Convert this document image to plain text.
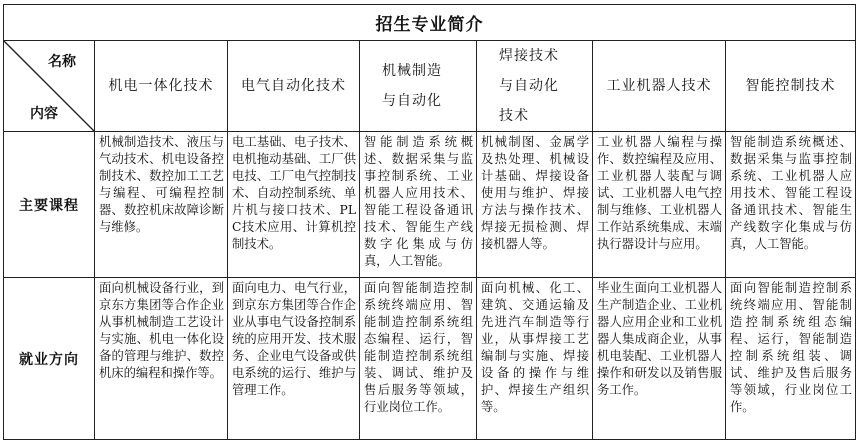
招生专业简介						

名称
内容	机电一体化技术	电气自动化技术	机械制造与自动化	焊接技术与自动化技术	工业机器人技术	智能控制技术
主要课程	机械制造技术、液压与气动技术、机电设备控制技术、数控加工工艺与编程、可编程控制器、数控机床故障诊断与维修。	电工基础、电子技术、电机拖动基础、工厂供电技、工厂电气控制技术、自动控制系统、单片机与接口技术、PLC技术应用、计算机控制技术。	智能制造系统概述、数据采集与监事控制系统、工业机器人应用技术、智能工程设备通讯技术、智能生产线数字化集成与仿真，人工智能。	机械制图、金属学及热处理、机械设计基础、焊接设备使用与维护、焊接方法与操作技术、焊接无损检测、焊接机器人等。	工业机器人编程与操作、数控编程及应用、工业机器人装配与调试、工业机器人电气控制与维修、工业机器人工作站系统集成、末端执行器设计与应用。	智能制造系统概述、数据采集与监事控制系统、工业机器人应用技术、智能工程设备通讯技术、智能生产线数字化集成与仿真，人工智能。
就业方向	面向机械设备行业，到京东方集团等合作企业从事机械制造工艺设计与实施、机电一体化设备的管理与维护、数控机床的编程和操作等。	面向电力、电气行业，到京东方集团等合作企业从事电气设备控制系统的应用开发、技术服务、企业电气设备或供电系统的运行、维护与管理工作。	面向智能制造控制系统终端应用、智能制造控制系统组态编程、运行，智能制造控制系统组装、调试、维护及售后服务等领域，行业岗位工作。	面向机械、化工、建筑、交通运输及先进汽车制造等行业，从事焊接工艺编制与实施、焊接设备的操作与维护、焊接生产组织等。	毕业生面向工业机器人生产制造企业、工业机器人应用企业和工业机器人集成商企业，从事机电装配、工业机器人操作和研发以及销售服务工作。	面向智能制造控制系统终端应用、智能制造控制系统组态编程、运行，智能制造控制系统组装、调试、维护及售后服务等领域，行业岗位工作。
